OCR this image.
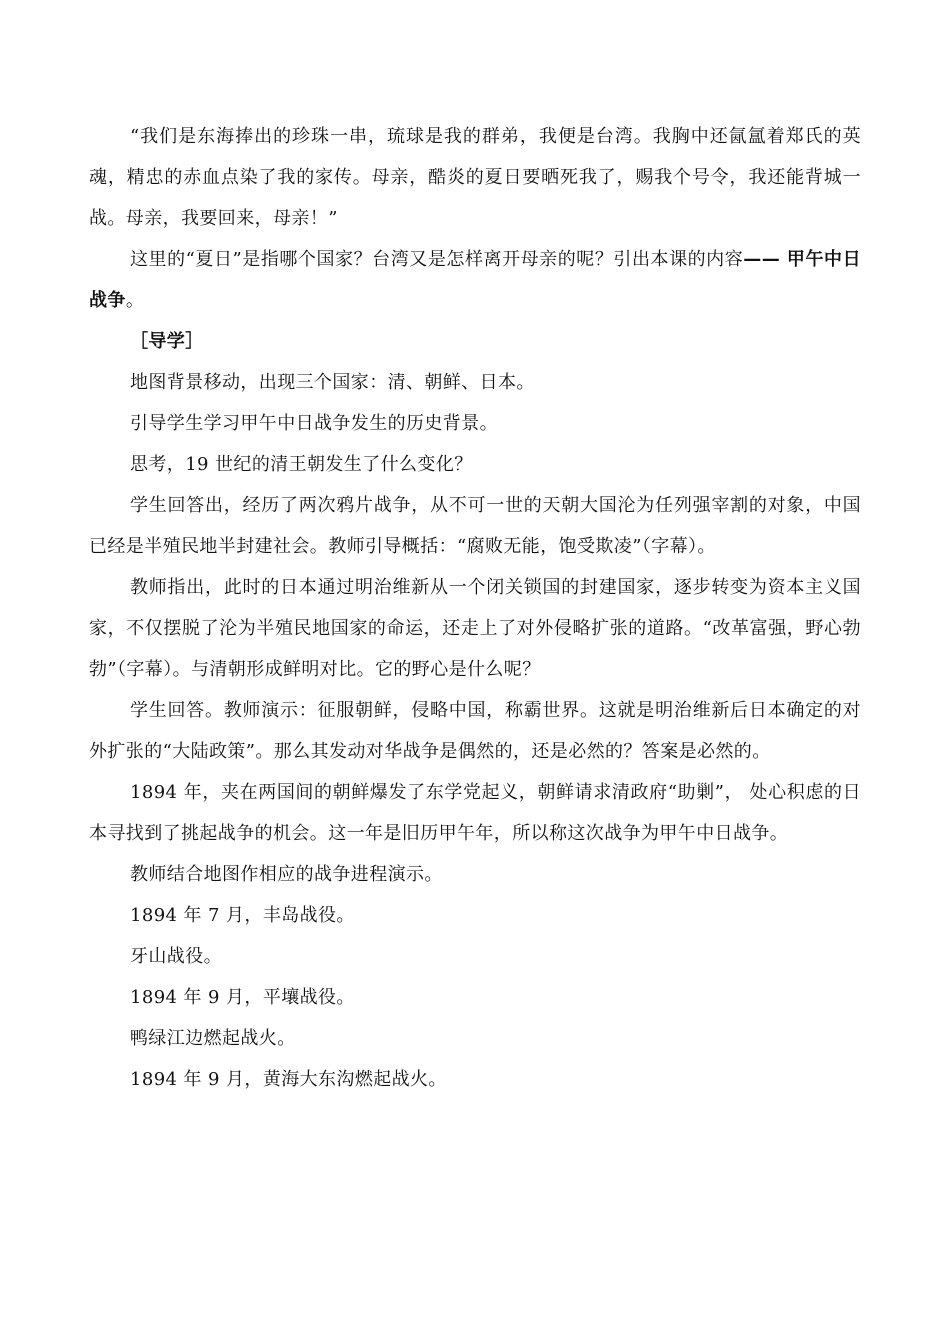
“我们是东海捧出的珍珠一串，琉球是我的群弟，我便是台湾。我胸中还氤氲着郑氏的英魂，精忠的赤血点染了我的家传。母亲，酷炎的夏日要晒死我了，赐我个号令，我还能背城一战。母亲，我要回来，母亲！”

这里的“夏日”是指哪个国家？台湾又是怎样离开母亲的呢？引出本课的内容—— 甲午中日战争。

［导学］

地图背景移动，出现三个国家：清、朝鲜、日本。

引导学生学习甲午中日战争发生的历史背景。

思考，19 世纪的清王朝发生了什么变化？

学生回答出，经历了两次鸦片战争，从不可一世的天朝大国沦为任列强宰割的对象，中国已经是半殖民地半封建社会。教师引导概括：“腐败无能，饱受欺凌”（字幕）。

教师指出，此时的日本通过明治维新从一个闭关锁国的封建国家，逐步转变为资本主义国家，不仅摆脱了沦为半殖民地国家的命运，还走上了对外侵略扩张的道路。“改革富强，野心勃勃”（字幕）。与清朝形成鲜明对比。它的野心是什么呢？

学生回答。教师演示：征服朝鲜，侵略中国，称霸世界。这就是明治维新后日本确定的对外扩张的“大陆政策”。那么其发动对华战争是偶然的，还是必然的？答案是必然的。

1894 年，夹在两国间的朝鲜爆发了东学党起义，朝鲜请求清政府“助剿”， 处心积虑的日本寻找到了挑起战争的机会。这一年是旧历甲午年，所以称这次战争为甲午中日战争。

教师结合地图作相应的战争进程演示。

1894 年 7 月，丰岛战役。

牙山战役。

1894 年 9 月，平壤战役。

鸭绿江边燃起战火。

1894 年 9 月，黄海大东沟燃起战火。
